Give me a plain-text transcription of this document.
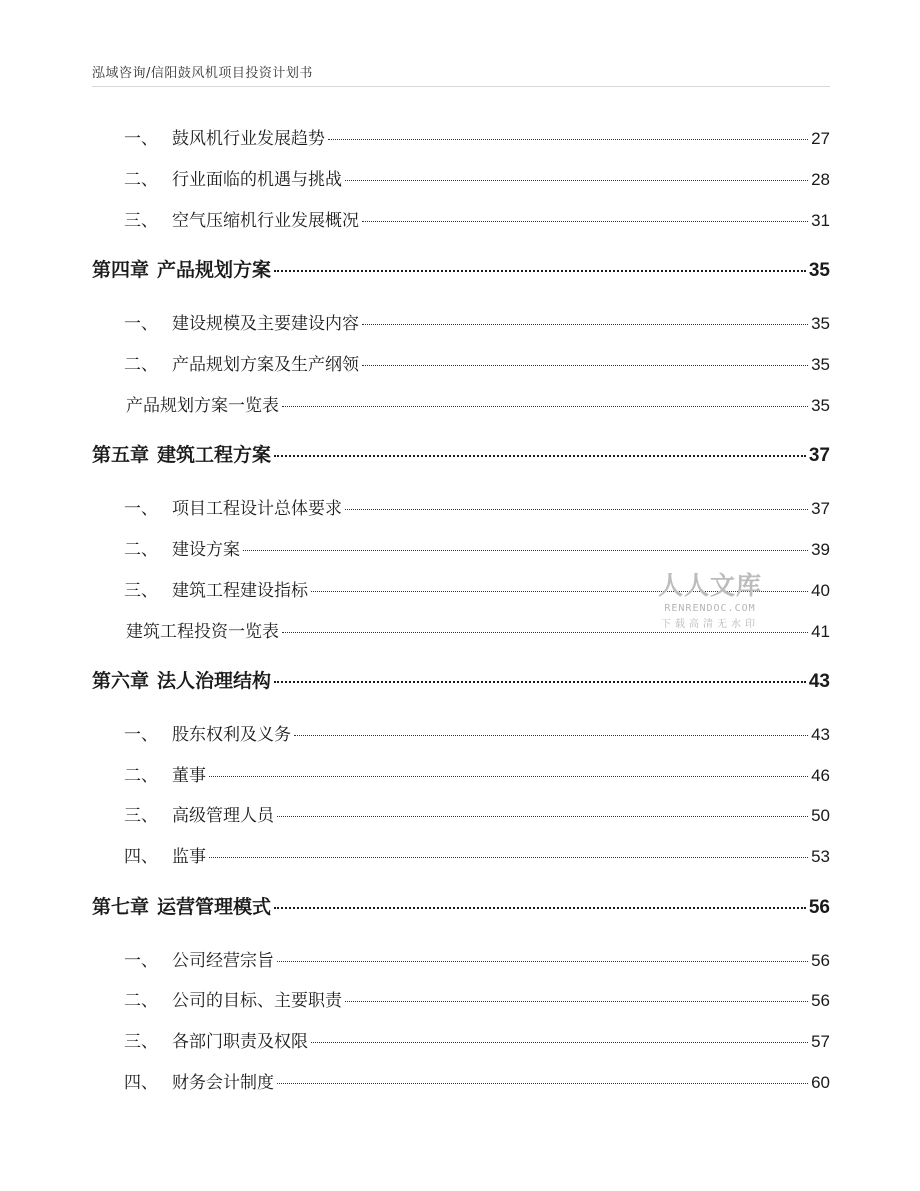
泓域咨询/信阳鼓风机项目投资计划书
一、 鼓风机行业发展趋势	27
二、 行业面临的机遇与挑战	28
三、 空气压缩机行业发展概况	31
第四章 产品规划方案	35
一、 建设规模及主要建设内容	35
二、 产品规划方案及生产纲领	35
产品规划方案一览表	35
第五章 建筑工程方案	37
一、 项目工程设计总体要求	37
二、 建设方案	39
三、 建筑工程建设指标	40
建筑工程投资一览表	41
第六章 法人治理结构	43
一、 股东权利及义务	43
二、 董事	46
三、 高级管理人员	50
四、 监事	53
第七章 运营管理模式	56
一、 公司经营宗旨	56
二、 公司的目标、主要职责	56
三、 各部门职责及权限	57
四、 财务会计制度	60
人人文库
RENRENDOC.COM
下载高清无水印
